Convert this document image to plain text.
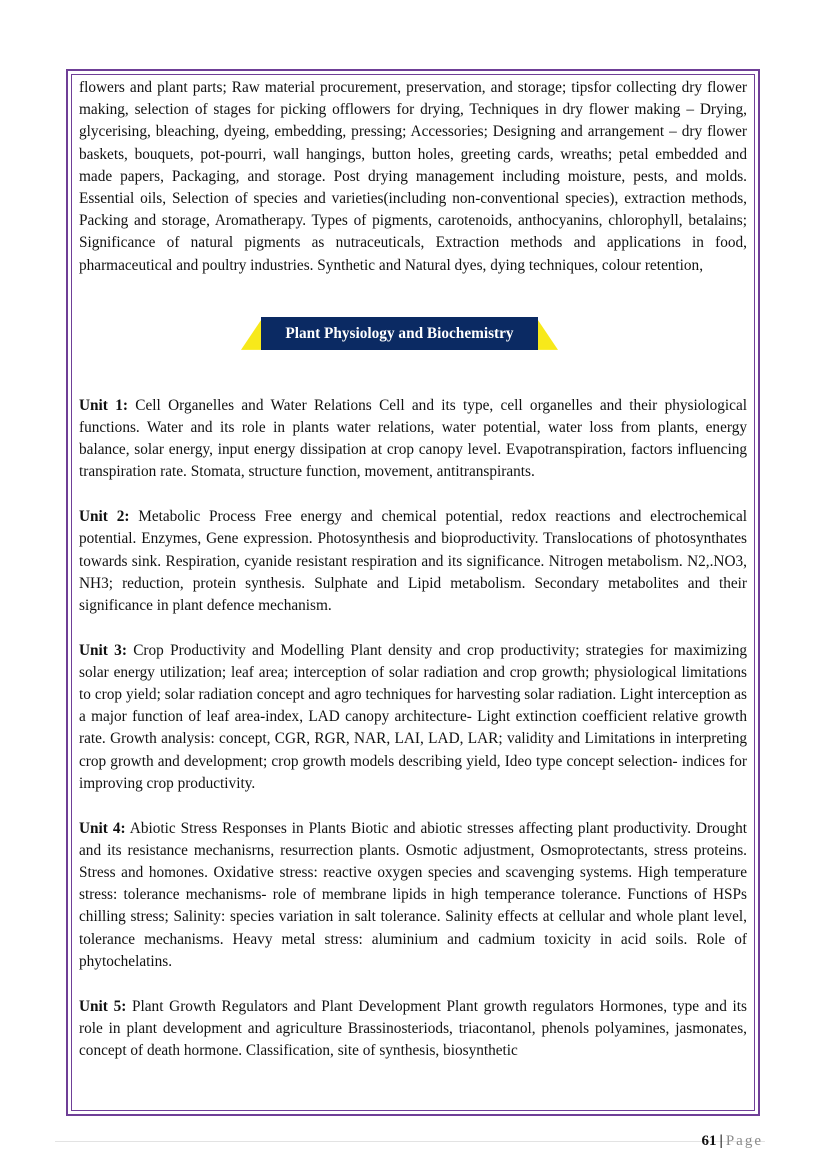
flowers and plant parts; Raw material procurement, preservation, and storage; tipsfor collecting dry flower making, selection of stages for picking offlowers for drying, Techniques in dry flower making – Drying, glycerising, bleaching, dyeing, embedding, pressing; Accessories; Designing and arrangement – dry flower baskets, bouquets, pot-pourri, wall hangings, button holes, greeting cards, wreaths; petal embedded and made papers, Packaging, and storage. Post drying management including moisture, pests, and molds. Essential oils, Selection of species and varieties(including non-conventional species), extraction methods, Packing and storage, Aromatherapy. Types of pigments, carotenoids, anthocyanins, chlorophyll, betalains; Significance of natural pigments as nutraceuticals, Extraction methods and applications in food, pharmaceutical and poultry industries. Synthetic and Natural dyes, dying techniques, colour retention,

Plant Physiology and Biochemistry

Unit 1: Cell Organelles and Water Relations Cell and its type, cell organelles and their physiological functions. Water and its role in plants water relations, water potential, water loss from plants, energy balance, solar energy, input energy dissipation at crop canopy level. Evapotranspiration, factors influencing transpiration rate. Stomata, structure function, movement, antitranspirants.

Unit 2: Metabolic Process Free energy and chemical potential, redox reactions and electrochemical potential. Enzymes, Gene expression. Photosynthesis and bioproductivity. Translocations of photosynthates towards sink. Respiration, cyanide resistant respiration and its significance. Nitrogen metabolism. N2,.NO3, NH3; reduction, protein synthesis. Sulphate and Lipid metabolism. Secondary metabolites and their significance in plant defence mechanism.

Unit 3: Crop Productivity and Modelling Plant density and crop productivity; strategies for maximizing solar energy utilization; leaf area; interception of solar radiation and crop growth; physiological limitations to crop yield; solar radiation concept and agro techniques for harvesting solar radiation. Light interception as a major function of leaf area-index, LAD canopy architecture- Light extinction coefficient relative growth rate. Growth analysis: concept, CGR, RGR, NAR, LAI, LAD, LAR; validity and Limitations in interpreting crop growth and development; crop growth models describing yield, Ideo type concept selection- indices for improving crop productivity.

Unit 4: Abiotic Stress Responses in Plants Biotic and abiotic stresses affecting plant productivity. Drought and its resistance mechanisrns, resurrection plants. Osmotic adjustment, Osmoprotectants, stress proteins. Stress and homones. Oxidative stress: reactive oxygen species and scavenging systems. High temperature stress: tolerance mechanisms- role of membrane lipids in high temperance tolerance. Functions of HSPs chilling stress; Salinity: species variation in salt tolerance. Salinity effects at cellular and whole plant level, tolerance mechanisms. Heavy metal stress: aluminium and cadmium toxicity in acid soils. Role of phytochelatins.

Unit 5: Plant Growth Regulators and Plant Development Plant growth regulators Hormones, type and its role in plant development and agriculture Brassinosteriods, triacontanol, phenols polyamines, jasmonates, concept of death hormone. Classification, site of synthesis, biosynthetic

61 | Page
